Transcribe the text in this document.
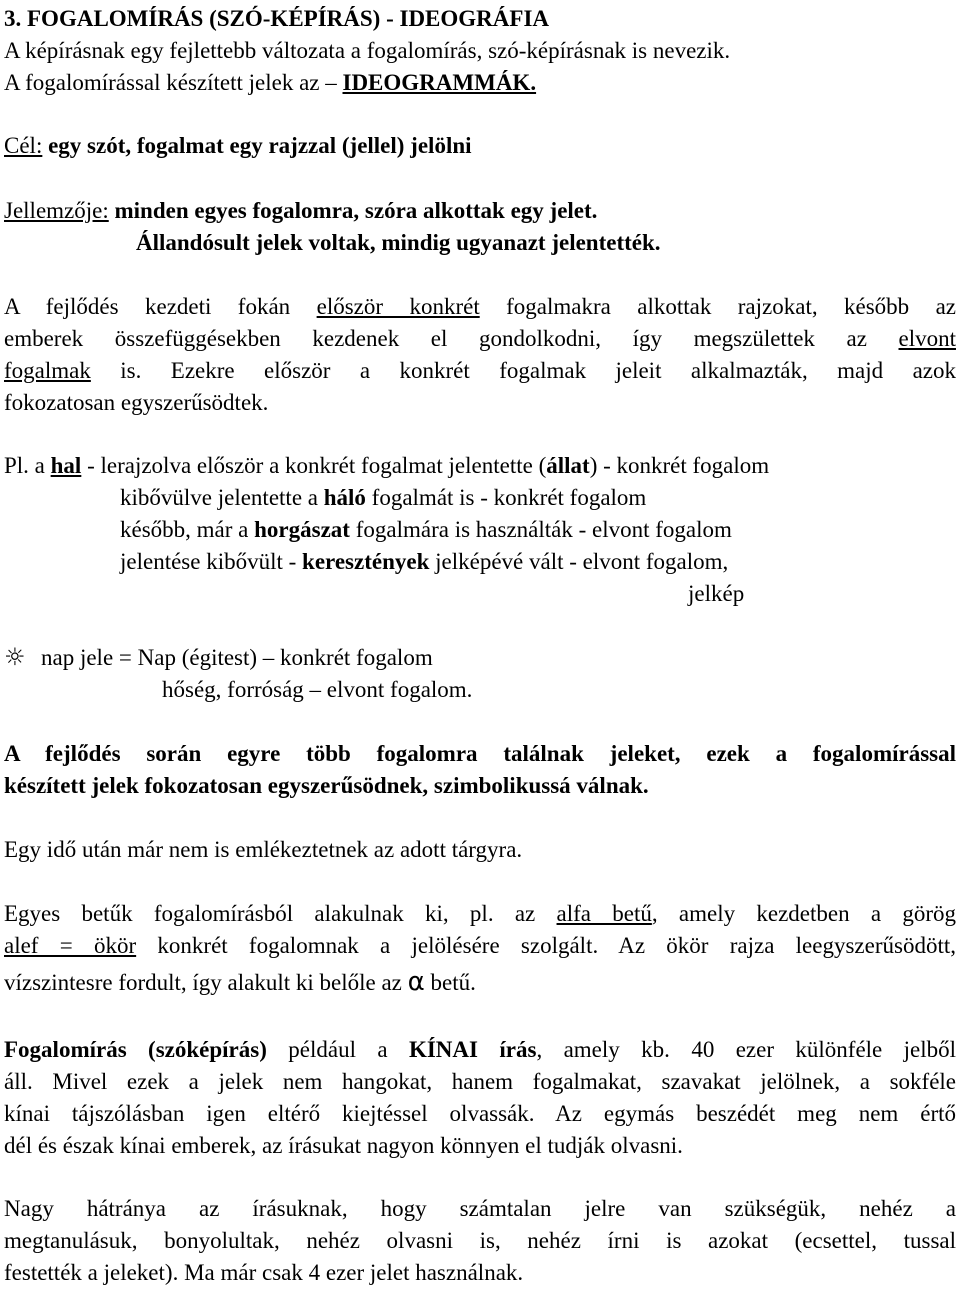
3. FOGALOMÍRÁS (SZÓ-KÉPÍRÁS) - IDEOGRÁFIA
A képírásnak egy fejlettebb változata a fogalomírás, szó-képírásnak is nevezik.
A fogalomírással készített jelek az – IDEOGRAMMÁK.
Cél: egy szót, fogalmat egy rajzzal (jellel) jelölni
Jellemzője: minden egyes fogalomra, szóra alkottak egy jelet.
Állandósult jelek voltak, mindig ugyanazt jelentették.
A fejlődés kezdeti fokán először konkrét fogalmakra alkottak rajzokat, később az
emberek összefüggésekben kezdenek el gondolkodni, így megszülettek az elvont
fogalmak is. Ezekre először a konkrét fogalmak jeleit alkalmazták, majd azok
fokozatosan egyszerűsödtek.
Pl. a hal - lerajzolva először a konkrét fogalmat jelentette (állat) - konkrét fogalom
kibővülve jelentette a háló fogalmát is - konkrét fogalom
később, már a horgászat fogalmára is használták - elvont fogalom
jelentése kibővült - keresztények jelképévé vált - elvont fogalom,
jelkép
☼ nap jele = Nap (égitest) – konkrét fogalom
hőség, forróság – elvont fogalom.
A fejlődés során egyre több fogalomra találnak jeleket, ezek a fogalomírással
készített jelek fokozatosan egyszerűsödnek, szimbolikussá válnak.
Egy idő után már nem is emlékeztetnek az adott tárgyra.
Egyes betűk fogalomírásból alakulnak ki, pl. az alfa betű, amely kezdetben a görög
alef = ökör konkrét fogalomnak a jelölésére szolgált. Az ökör rajza leegyszerűsödött,
vízszintesre fordult, így alakult ki belőle az α betű.
Fogalomírás (szóképírás) például a KÍNAI írás, amely kb. 40 ezer különféle jelből
áll. Mivel ezek a jelek nem hangokat, hanem fogalmakat, szavakat jelölnek, a sokféle
kínai tájszólásban igen eltérő kiejtéssel olvassák. Az egymás beszédét meg nem értő
dél és észak kínai emberek, az írásukat nagyon könnyen el tudják olvasni.
Nagy hátránya az írásuknak, hogy számtalan jelre van szükségük, nehéz a
megtanulásuk, bonyolultak, nehéz olvasni is, nehéz írni is azokat (ecsettel, tussal
festették a jeleket). Ma már csak 4 ezer jelet használnak.
